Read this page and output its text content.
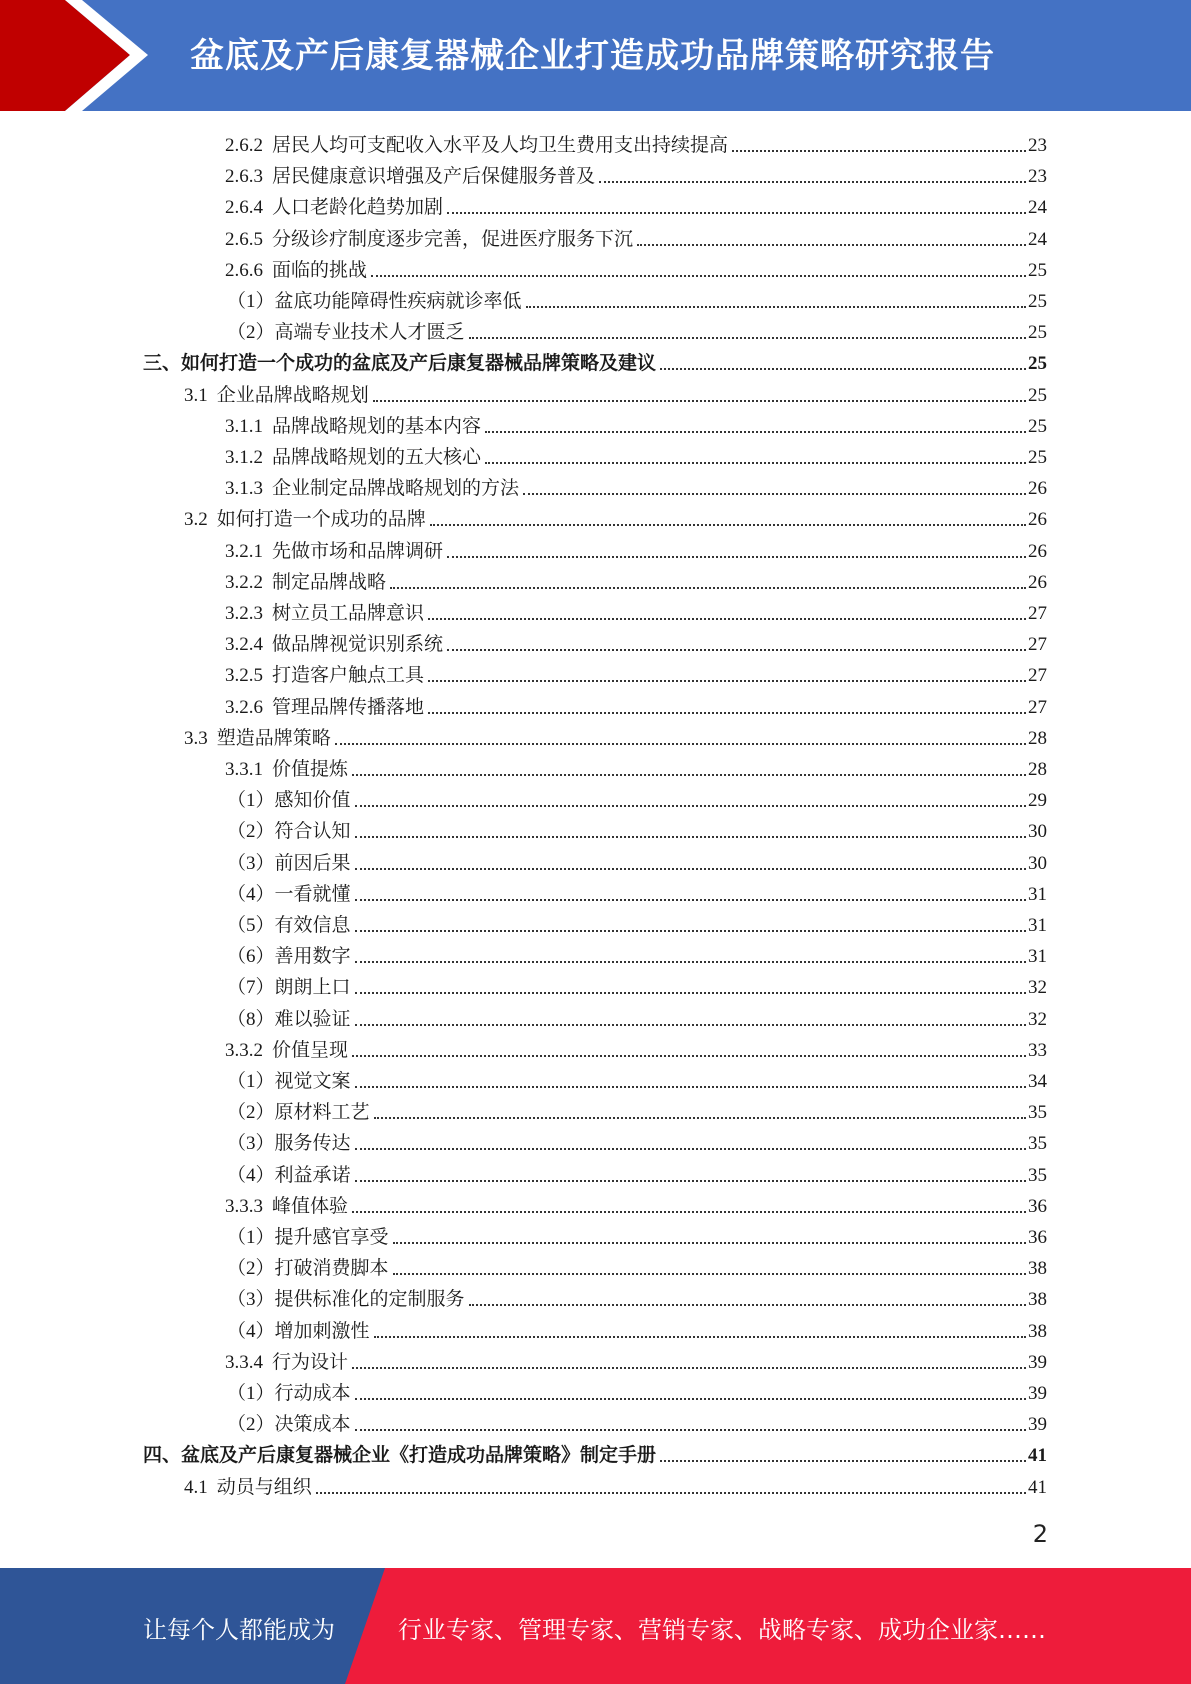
盆底及产后康复器械企业打造成功品牌策略研究报告
2.6.2 居民人均可支配收入水平及人均卫生费用支出持续提高	23
2.6.3 居民健康意识增强及产后保健服务普及	23
2.6.4 人口老龄化趋势加剧	24
2.6.5 分级诊疗制度逐步完善，促进医疗服务下沉	24
2.6.6 面临的挑战	25
（1） 盆底功能障碍性疾病就诊率低	25
（2） 高端专业技术人才匮乏	25
三、 如何打造一个成功的盆底及产后康复器械品牌策略及建议	25
3.1 企业品牌战略规划	25
3.1.1 品牌战略规划的基本内容	25
3.1.2 品牌战略规划的五大核心	25
3.1.3 企业制定品牌战略规划的方法	26
3.2 如何打造一个成功的品牌	26
3.2.1 先做市场和品牌调研	26
3.2.2 制定品牌战略	26
3.2.3 树立员工品牌意识	27
3.2.4 做品牌视觉识别系统	27
3.2.5 打造客户触点工具	27
3.2.6 管理品牌传播落地	27
3.3 塑造品牌策略	28
3.3.1 价值提炼	28
（1） 感知价值	29
（2） 符合认知	30
（3） 前因后果	30
（4） 一看就懂	31
（5） 有效信息	31
（6） 善用数字	31
（7） 朗朗上口	32
（8） 难以验证	32
3.3.2 价值呈现	33
（1） 视觉文案	34
（2） 原材料工艺	35
（3） 服务传达	35
（4） 利益承诺	35
3.3.3 峰值体验	36
（1） 提升感官享受	36
（2） 打破消费脚本	38
（3） 提供标准化的定制服务	38
（4） 增加刺激性	38
3.3.4 行为设计	39
（1） 行动成本	39
（2） 决策成本	39
四、 盆底及产后康复器械企业《打造成功品牌策略》制定手册	41
4.1 动员与组织	41
2
让每个人都能成为	行业专家、管理专家、营销专家、战略专家、成功企业家……
